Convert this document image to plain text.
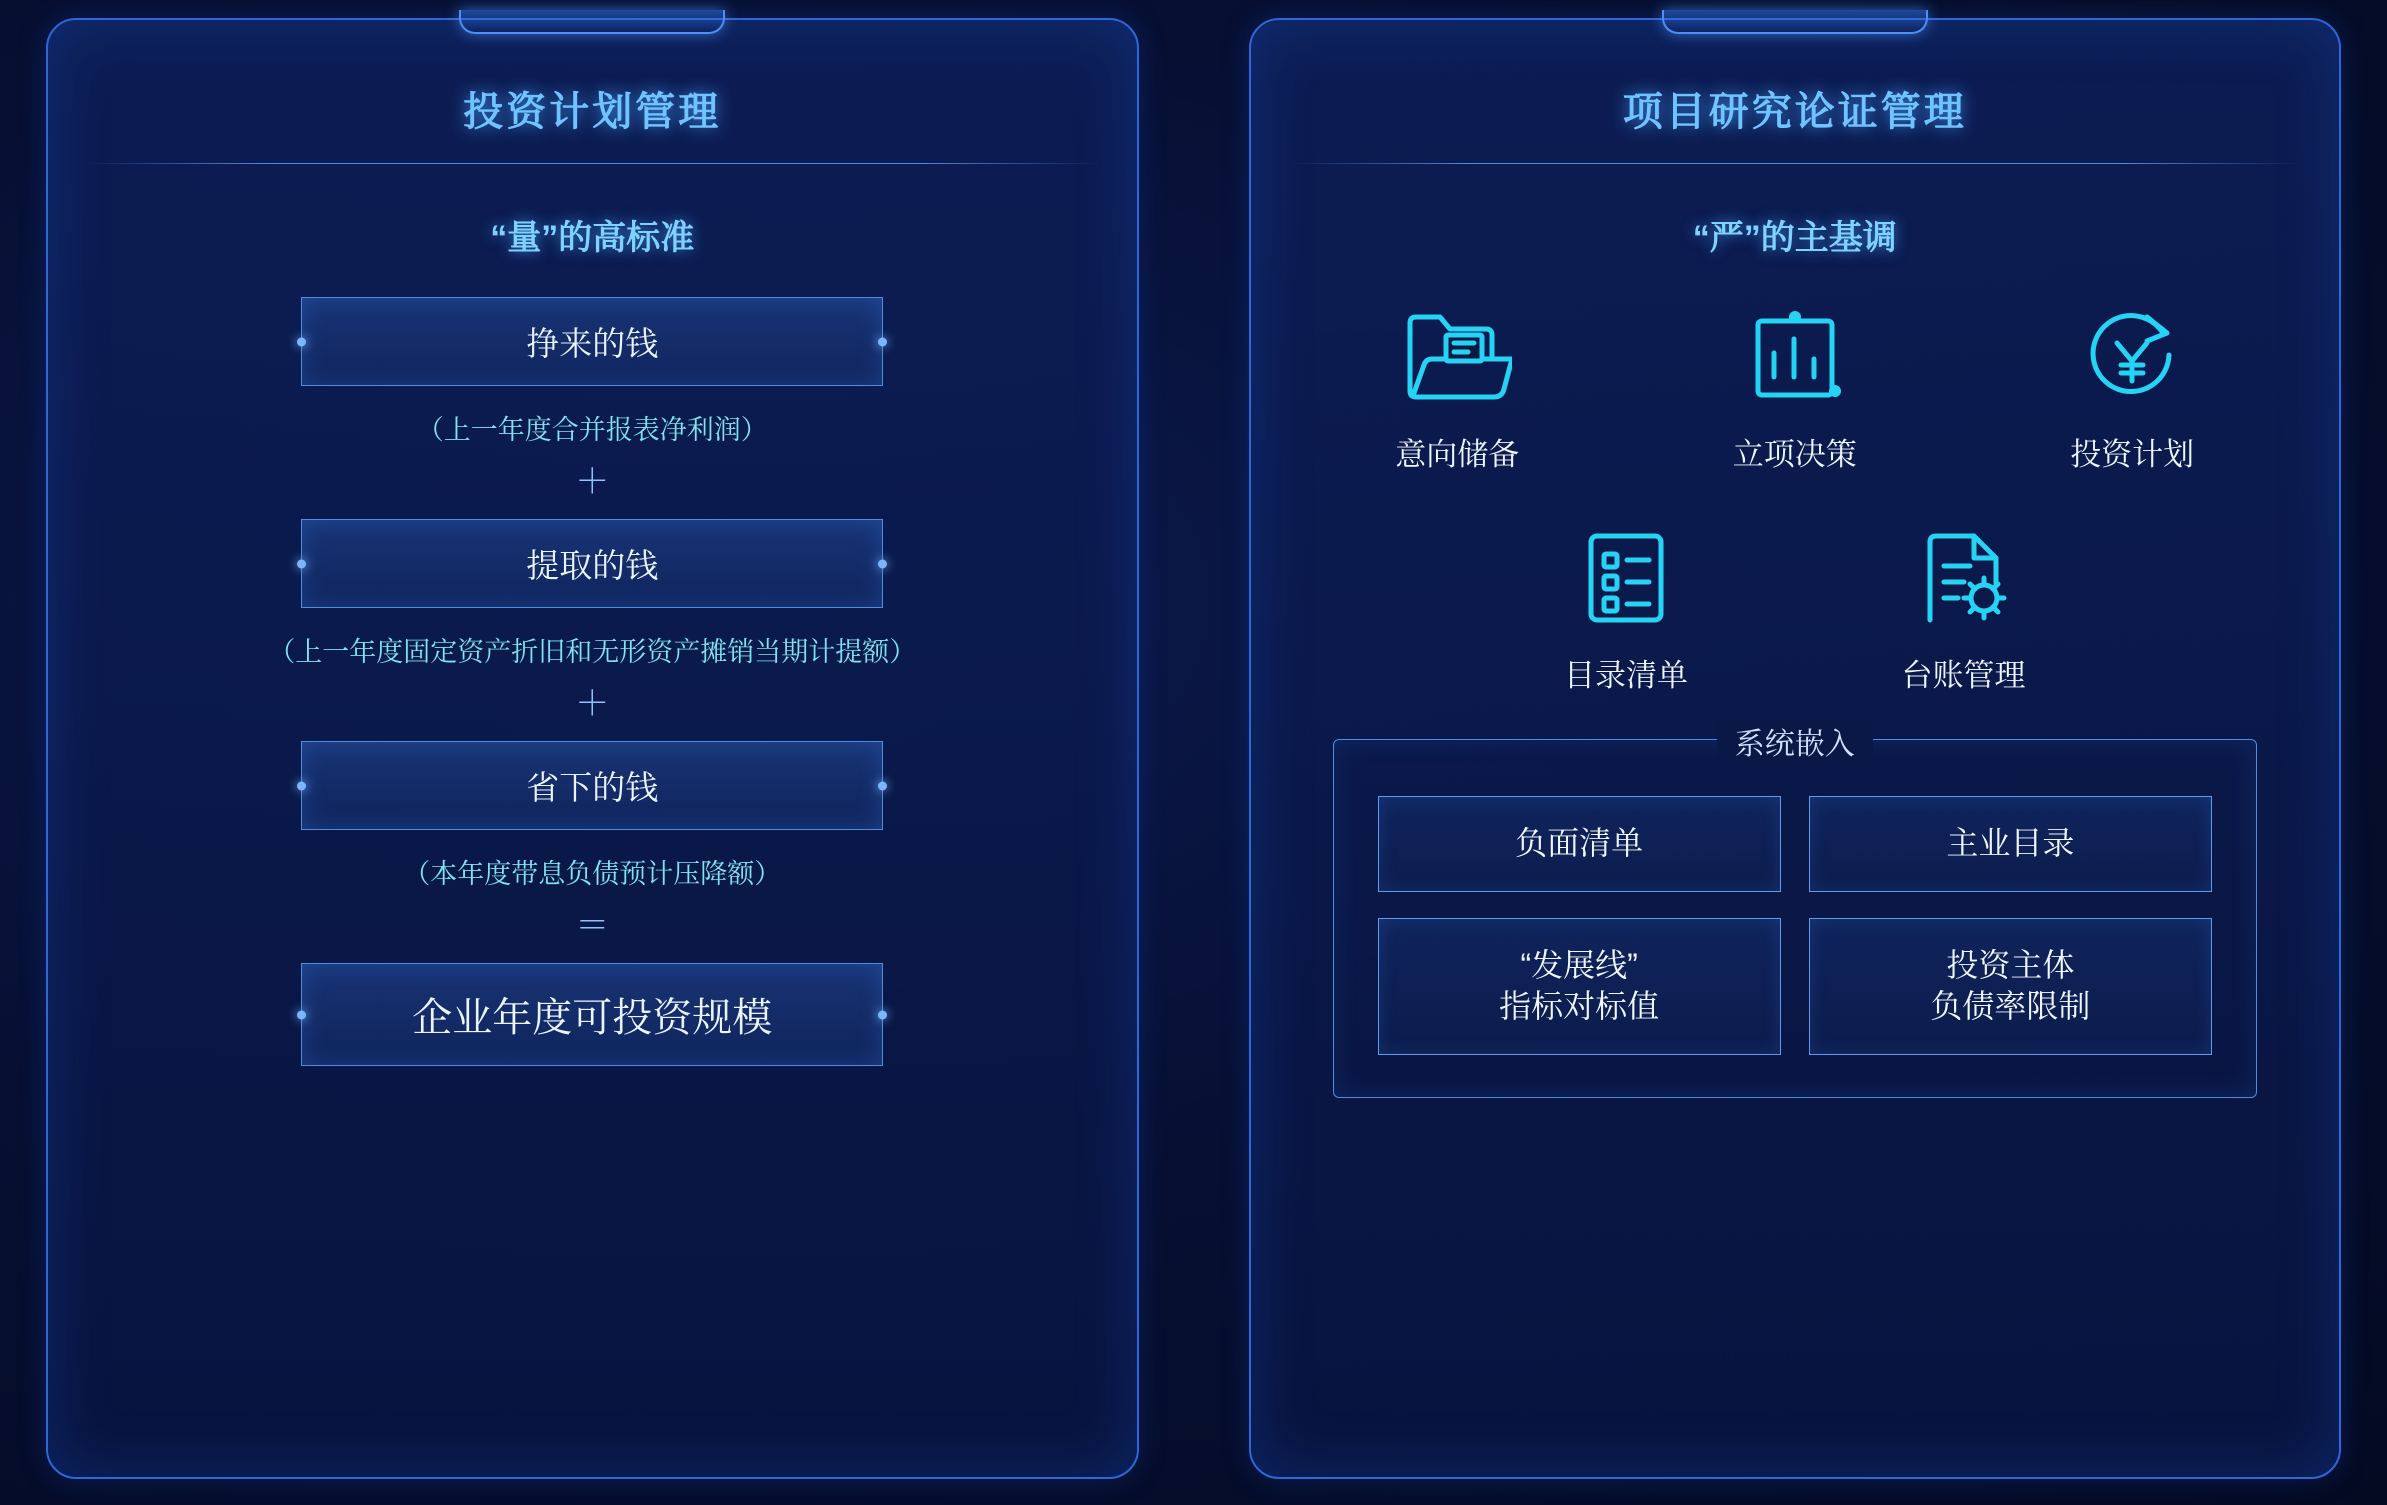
投资计划管理
“量”的高标准
挣来的钱
（上一年度合并报表净利润）
＋
提取的钱
（上一年度固定资产折旧和无形资产摊销当期计提额）
＋
省下的钱
（本年度带息负债预计压降额）
＝
企业年度可投资规模
项目研究论证管理
“严”的主基调
意向储备	立项决策	投资计划
目录清单	台账管理
系统嵌入
负面清单	主业目录
“发展线”
指标对标值
投资主体
负债率限制
